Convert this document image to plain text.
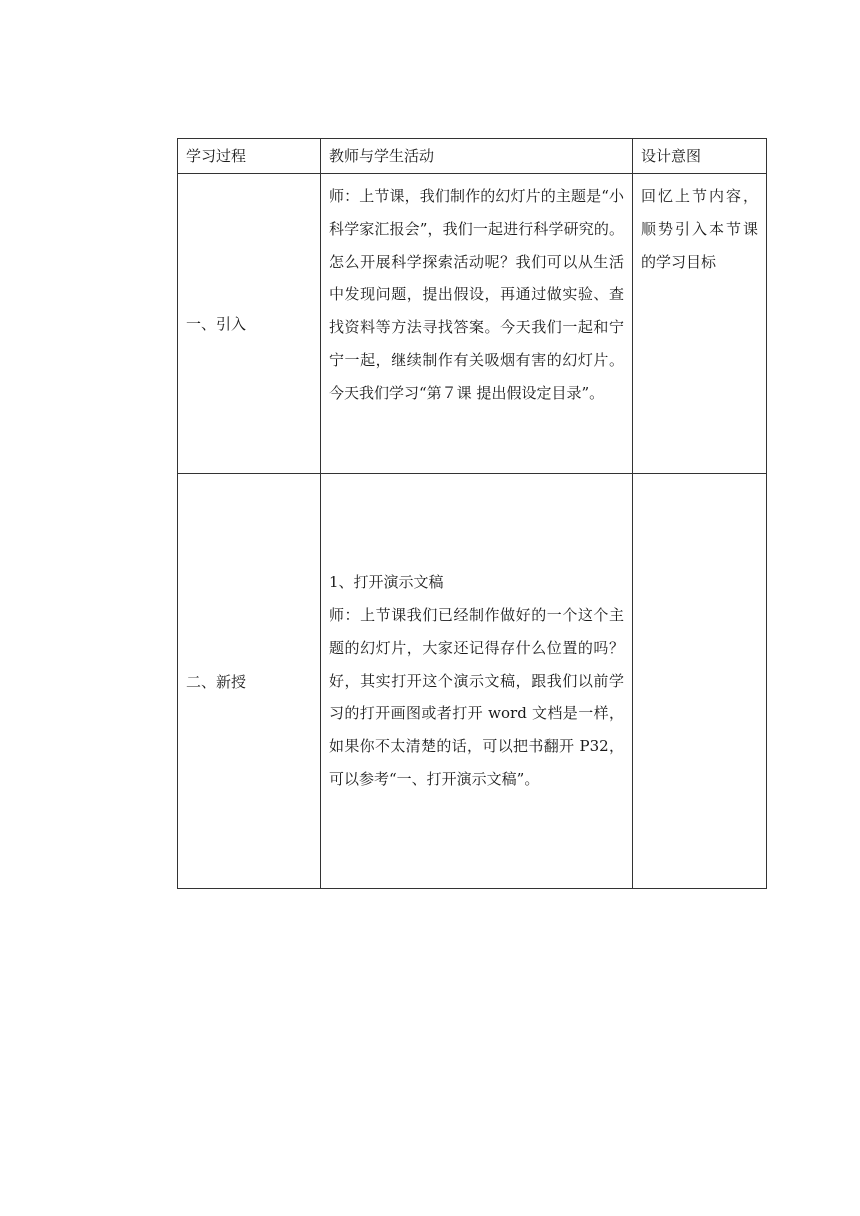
学习过程	教师与学生活动	设计意图
一、引入	师：上节课，我们制作的幻灯片的主题是“小科学家汇报会”，我们一起进行科学研究的。怎么开展科学探索活动呢？我们可以从生活中发现问题，提出假设，再通过做实验、查找资料等方法寻找答案。今天我们一起和宁宁一起，继续制作有关吸烟有害的幻灯片。今天我们学习“第７课 提出假设定目录”。	回忆上节内容，顺势引入本节课的学习目标
二、新授	1、打开演示文稿
师：上节课我们已经制作做好的一个这个主题的幻灯片，大家还记得存什么位置的吗？好，其实打开这个演示文稿，跟我们以前学习的打开画图或者打开 word 文档是一样，如果你不太清楚的话，可以把书翻开 P32，可以参考“一、打开演示文稿”。	
